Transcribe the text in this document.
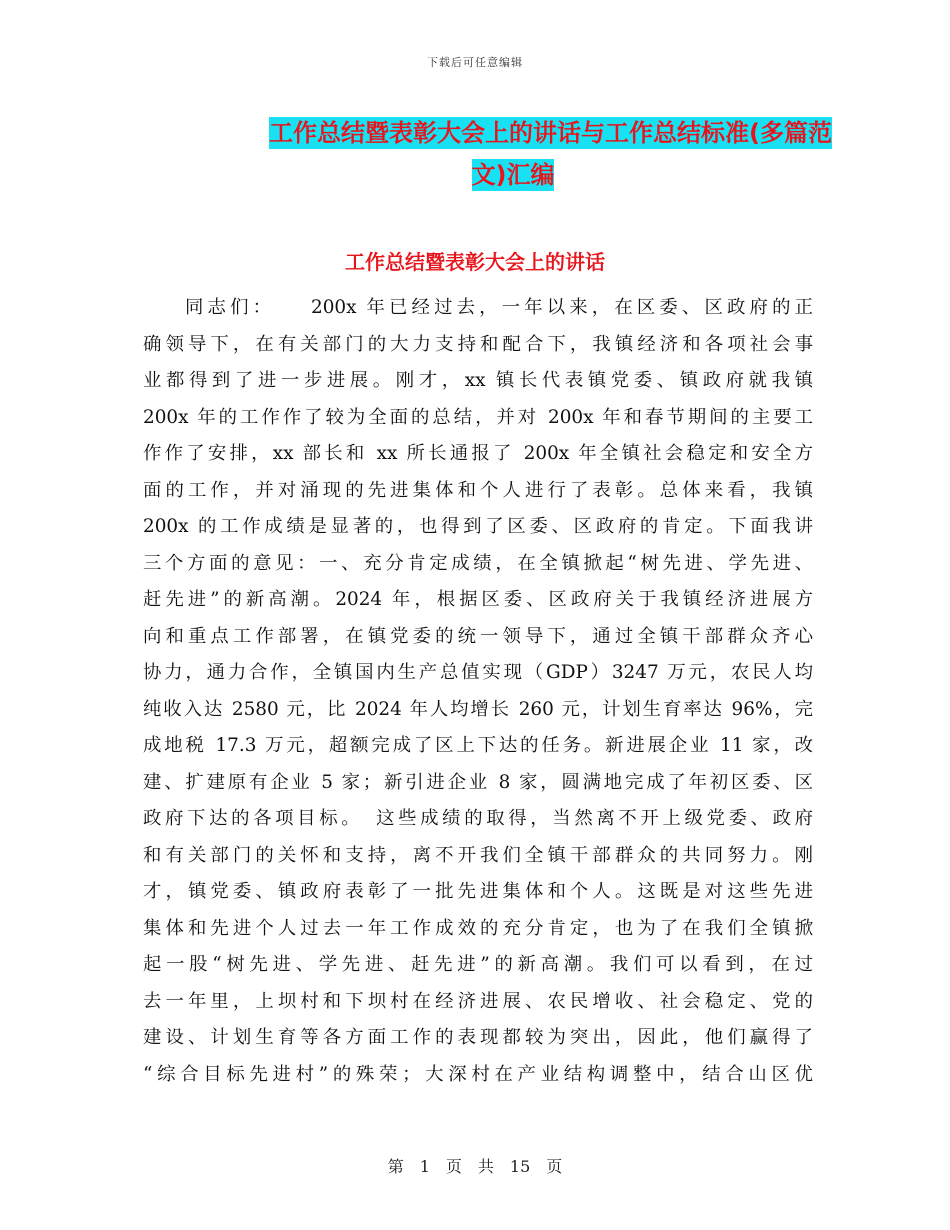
下载后可任意编辑
工作总结暨表彰大会上的讲话与工作总结标准(多篇范
文)汇编
工作总结暨表彰大会上的讲话
同志们：　　200x 年已经过去，一年以来，在区委、区政府的正
确领导下，在有关部门的大力支持和配合下，我镇经济和各项社会事
业都得到了进一步进展。刚才，xx 镇长代表镇党委、镇政府就我镇
200x 年的工作作了较为全面的总结，并对 200x 年和春节期间的主要工
作作了安排，xx 部长和 xx 所长通报了 200x 年全镇社会稳定和安全方
面的工作，并对涌现的先进集体和个人进行了表彰。总体来看，我镇
200x 的工作成绩是显著的，也得到了区委、区政府的肯定。下面我讲
三个方面的意见：一、充分肯定成绩，在全镇掀起“树先进、学先进、
赶先进”的新高潮。2024 年，根据区委、区政府关于我镇经济进展方
向和重点工作部署，在镇党委的统一领导下，通过全镇干部群众齐心
协力，通力合作，全镇国内生产总值实现（GDP）3247 万元，农民人均
纯收入达 2580 元，比 2024 年人均增长 260 元，计划生育率达 96%，完
成地税 17.3 万元，超额完成了区上下达的任务。新进展企业 11 家，改
建、扩建原有企业 5 家；新引进企业 8 家，圆满地完成了年初区委、区
政府下达的各项目标。　这些成绩的取得，当然离不开上级党委、政府
和有关部门的关怀和支持，离不开我们全镇干部群众的共同努力。刚
才，镇党委、镇政府表彰了一批先进集体和个人。这既是对这些先进
集体和先进个人过去一年工作成效的充分肯定，也为了在我们全镇掀
起一股“树先进、学先进、赶先进”的新高潮。我们可以看到，在过
去一年里，上坝村和下坝村在经济进展、农民增收、社会稳定、党的
建设、计划生育等各方面工作的表现都较为突出，因此，他们赢得了
“综合目标先进村”的殊荣；大深村在产业结构调整中，结合山区优
第　1　页　共　15　页
